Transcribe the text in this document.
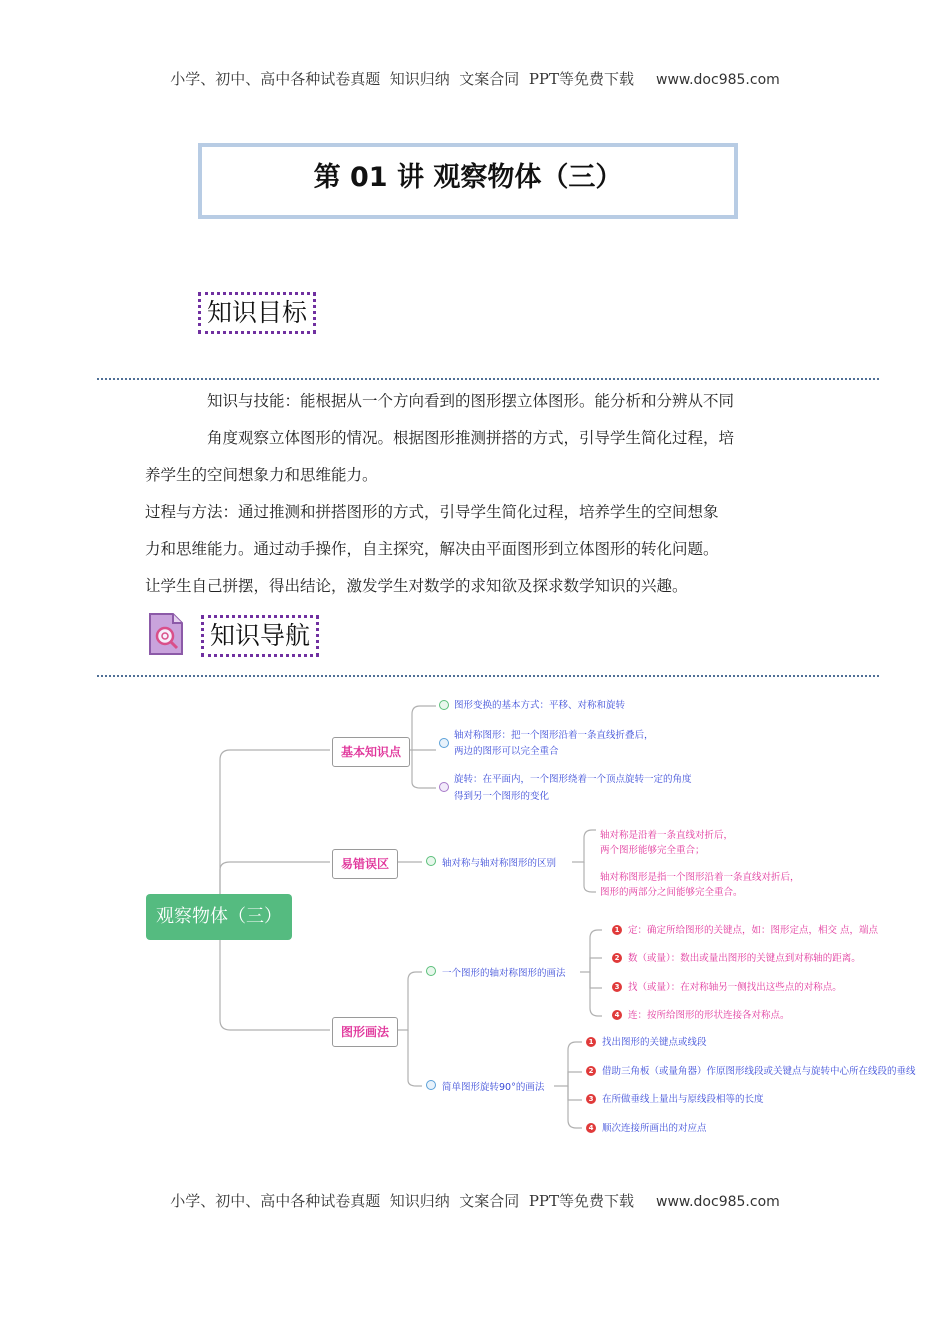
小学、初中、高中各种试卷真题  知识归纳  文案合同  PPT等免费下载 www.doc985.com
第 01 讲 观察物体（三）
知识目标

知识与技能：能根据从一个方向看到的图形摆立体图形。能分析和分辨从不同

角度观察立体图形的情况。根据图形推测拼搭的方式，引导学生简化过程，培

养学生的空间想象力和思维能力。

过程与方法：通过推测和拼搭图形的方式，引导学生简化过程，培养学生的空间想象

力和思维能力。通过动手操作，自主探究，解决由平面图形到立体图形的转化问题。

让学生自己拼摆，得出结论，激发学生对数学的求知欲及探求数学知识的兴趣。

知识导航
观察物体（三）
基本知识点
易错误区
图形画法
图形变换的基本方式：平移、对称和旋转
轴对称图形：把一个图形沿着一条直线折叠后，
两边的图形可以完全重合
旋转：在平面内，一个图形绕着一个顶点旋转一定的角度
得到另一个图形的变化
轴对称与轴对称图形的区别
轴对称是沿着一条直线对折后，
两个图形能够完全重合；
轴对称图形是指一个图形沿着一条直线对折后，
图形的两部分之间能够完全重合。
一个图形的轴对称图形的画法
1 定：确定所给图形的关键点，如：图形定点，相交 点，端点
2 数（或量）：数出或量出图形的关键点到对称轴的距离。
3 找（或量）：在对称轴另一侧找出这些点的对称点。
4 连：按所给图形的形状连接各对称点。
简单图形旋转90°的画法
1 找出图形的关键点或线段
2 借助三角板（或量角器）作原图形线段或关键点与旋转中心所在线段的垂线
3 在所做垂线上量出与原线段相等的长度
4 顺次连接所画出的对应点
小学、初中、高中各种试卷真题  知识归纳  文案合同  PPT等免费下载 www.doc985.com
